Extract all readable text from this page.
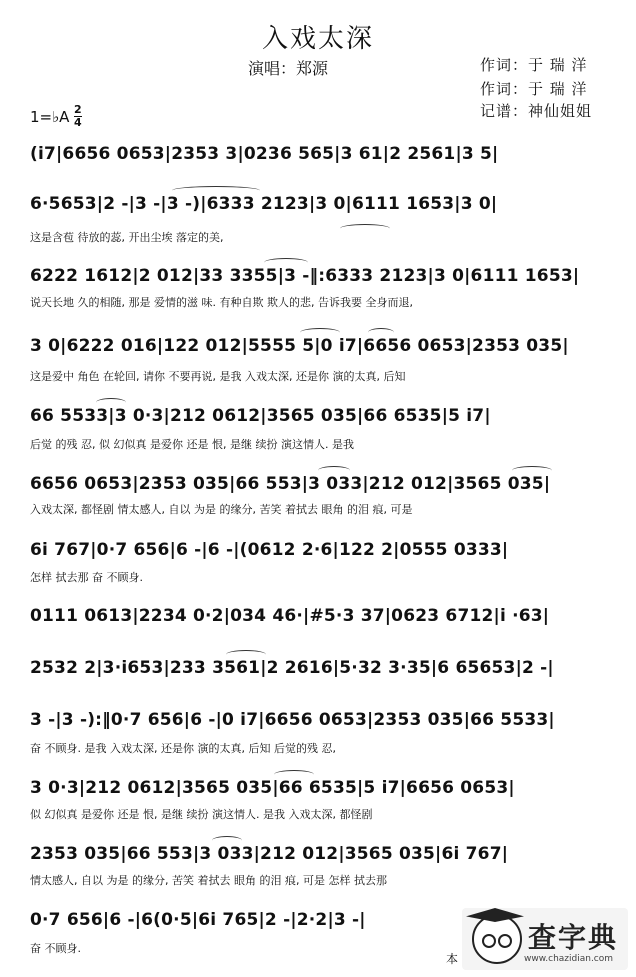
入戏太深
演唱：郑源	作词：于 瑞 洋
作词：于 瑞 洋
记谱：神仙姐姐
1=♭A 2
4
(i7|6656 0653|2353 3|0236 565|3 61|2 2561|3 5|
6·5653|2 -|3 -|3 -)|6333 2123|3 0|6111 1653|3 0|
这是含苞 待放的蕊, 开出尘埃 落定的美,
6222 1612|2 012|33 3355|3 -‖:6333 2123|3 0|6111 1653|
说天长地 久的相随, 那是 爱情的滋 味. 有种自欺 欺人的悲, 告诉我要 全身而退,
3 0|6222 016|122 012|5555 5|0 i7|6656 0653|2353 035|
这是爱中 角色 在轮回, 请你 不要再说, 是我 入戏太深, 还是你 演的太真, 后知
66 5533|3 0·3|212 0612|3565 035|66 6535|5 i7|
后觉 的残 忍, 似 幻似真 是爱你 还是 恨, 是继 续扮 演这情人. 是我
6656 0653|2353 035|66 553|3 033|212 012|3565 035|
入戏太深, 都怪剧 情太感人, 自以 为是 的缘分, 苦笑 着拭去 眼角 的泪 痕, 可是
6i 767|0·7 656|6 -|6 -|(0612 2·6|122 2|0555 0333|
怎样 拭去那 奋 不顾身.
0111 0613|2234 0·2|034 46·|#5·3 37|0623 6712|i ·63|
2532 2|3·i653|233 3561|2 2616|5·32 3·35|6 65653|2 -|
3 -|3 -):‖0·7 656|6 -|0 i7|6656 0653|2353 035|66 5533|
奋 不顾身. 是我 入戏太深, 还是你 演的太真, 后知 后觉的残 忍,
3 0·3|212 0612|3565 035|66 6535|5 i7|6656 0653|
似 幻似真 是爱你 还是 恨, 是继 续扮 演这情人. 是我 入戏太深, 都怪剧
2353 035|66 553|3 033|212 012|3565 035|6i 767|
情太感人, 自以 为是 的缘分, 苦笑 着拭去 眼角 的泪 痕, 可是 怎样 拭去那
0·7 656|6 -|6(0·5|6i 765|2 -|2·2|3 -|
奋 不顾身.
本
查字典
www.chazidian.com
